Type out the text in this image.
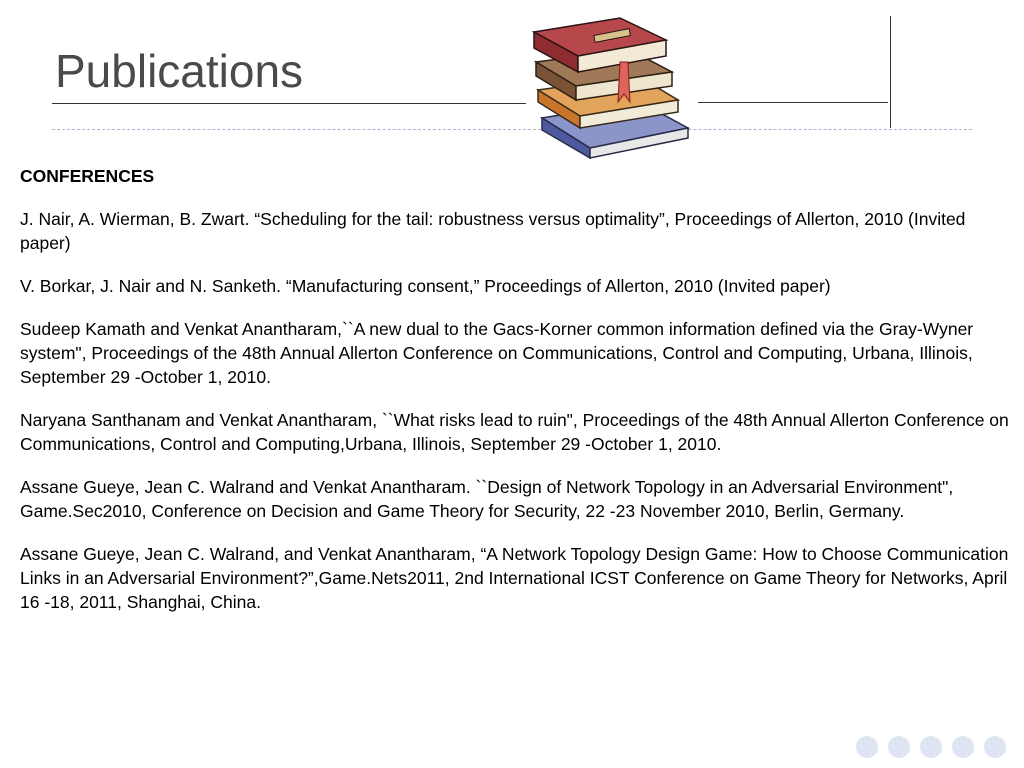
Publications
CONFERENCES
J. Nair, A. Wierman, B. Zwart. “Scheduling for the tail: robustness versus optimality”, Proceedings of Allerton, 2010 (Invited paper)
V. Borkar, J. Nair and N. Sanketh. “Manufacturing consent,” Proceedings of Allerton, 2010 (Invited paper)
Sudeep Kamath and Venkat Anantharam,``A new dual to the Gacs-Korner common information defined via the Gray-Wyner system", Proceedings of the 48th Annual Allerton Conference on Communications, Control and Computing, Urbana, Illinois, September 29 -October 1, 2010.
Naryana Santhanam and Venkat Anantharam, ``What risks lead to ruin", Proceedings of the 48th Annual Allerton Conference on Communications, Control and Computing,Urbana, Illinois, September 29 -October 1, 2010.
Assane Gueye, Jean C. Walrand and Venkat Anantharam. ``Design of Network Topology in an Adversarial Environment", Game.Sec2010, Conference on Decision and Game Theory for Security, 22 -23 November 2010, Berlin, Germany.
Assane Gueye, Jean C. Walrand, and Venkat Anantharam, “A Network Topology Design Game: How to Choose Communication Links in an Adversarial Environment?”,Game.Nets2011, 2nd International ICST Conference on Game Theory for Networks, April 16 -18, 2011, Shanghai, China.
